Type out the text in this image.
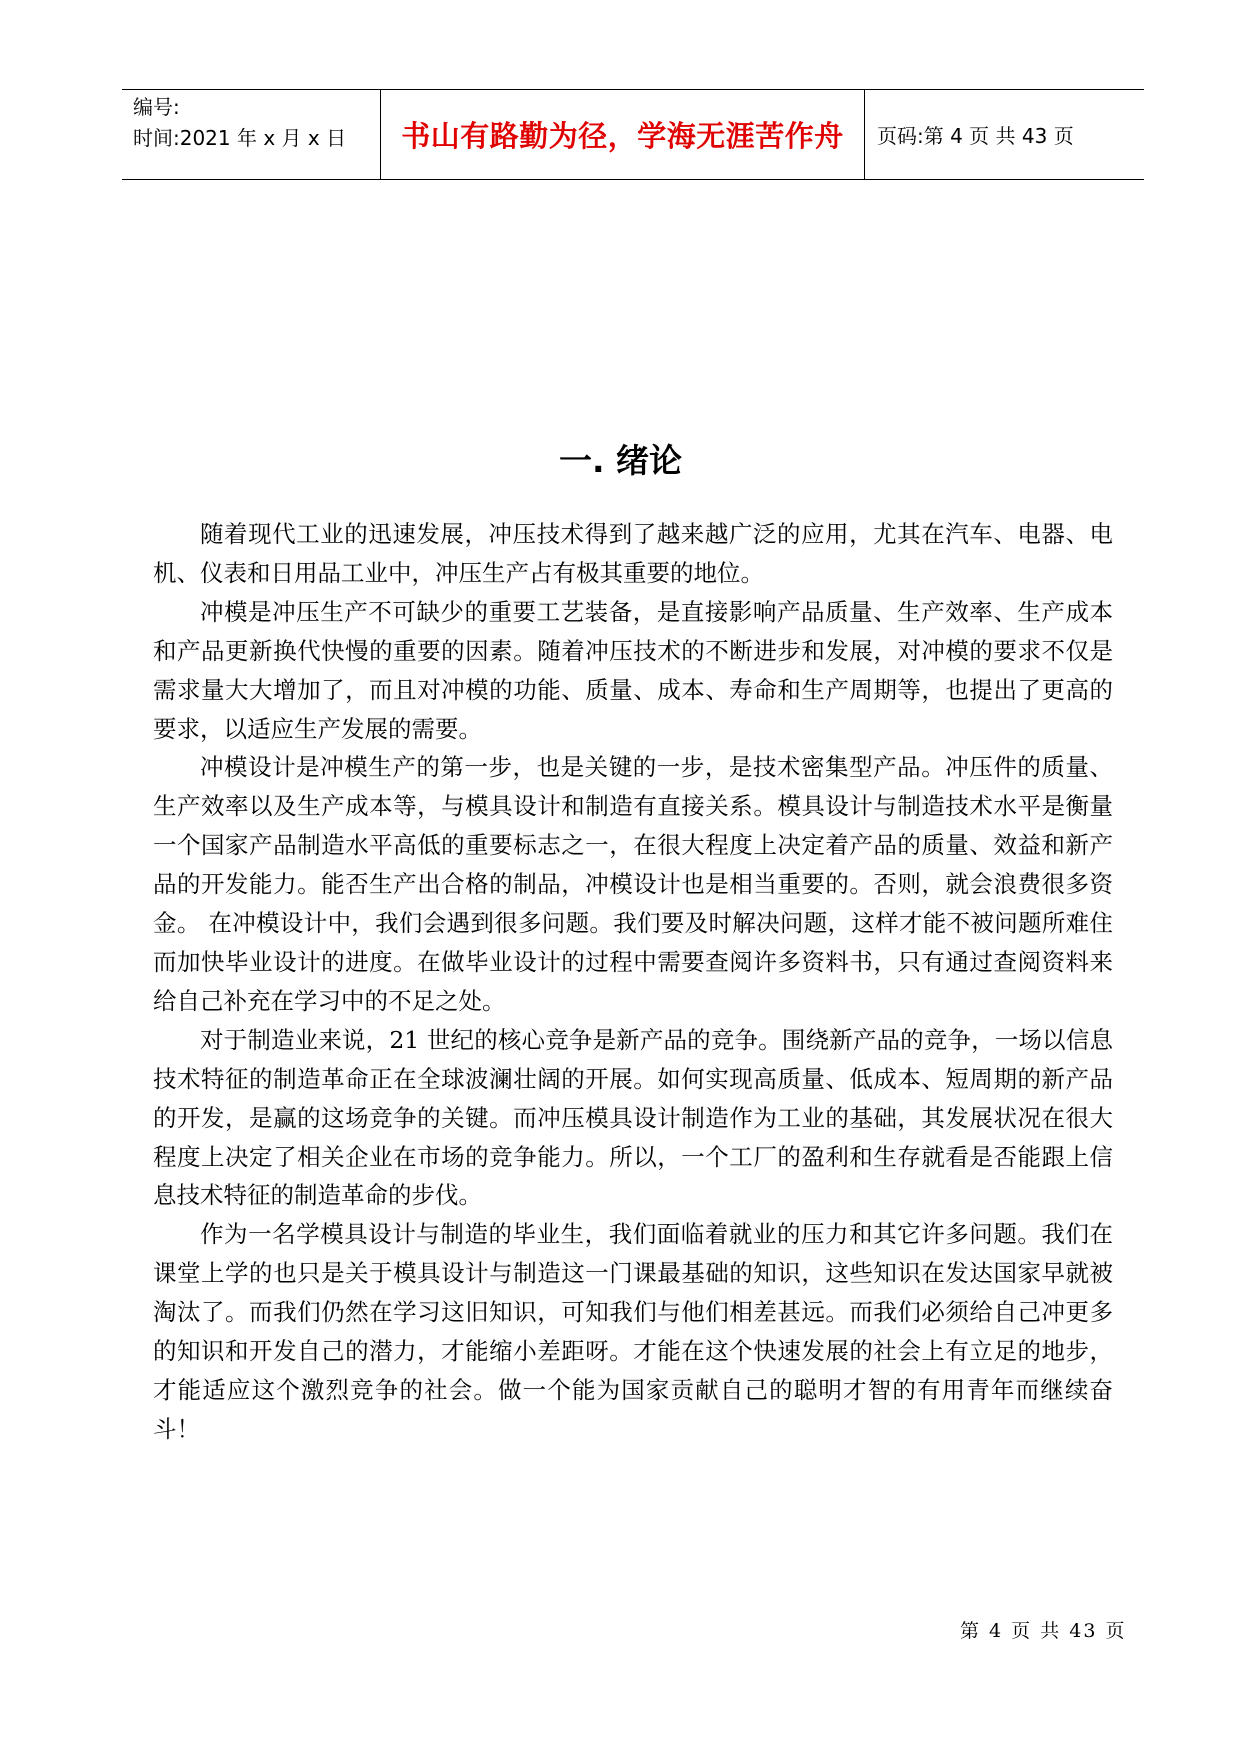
编号:
时间:2021 年 x 月 x 日	书山有路勤为径，学海无涯苦作舟	页码:第 4 页 共 43 页
一. 绪论

随着现代工业的迅速发展，冲压技术得到了越来越广泛的应用，尤其在汽车、电器、电机、仪表和日用品工业中，冲压生产占有极其重要的地位。

冲模是冲压生产不可缺少的重要工艺装备，是直接影响产品质量、生产效率、生产成本和产品更新换代快慢的重要的因素。随着冲压技术的不断进步和发展，对冲模的要求不仅是需求量大大增加了，而且对冲模的功能、质量、成本、寿命和生产周期等，也提出了更高的要求，以适应生产发展的需要。

冲模设计是冲模生产的第一步，也是关键的一步，是技术密集型产品。冲压件的质量、生产效率以及生产成本等，与模具设计和制造有直接关系。模具设计与制造技术水平是衡量一个国家产品制造水平高低的重要标志之一，在很大程度上决定着产品的质量、效益和新产品的开发能力。能否生产出合格的制品，冲模设计也是相当重要的。否则，就会浪费很多资金。 在冲模设计中，我们会遇到很多问题。我们要及时解决问题，这样才能不被问题所难住而加快毕业设计的进度。在做毕业设计的过程中需要查阅许多资料书，只有通过查阅资料来给自己补充在学习中的不足之处。

对于制造业来说，21 世纪的核心竞争是新产品的竞争。围绕新产品的竞争，一场以信息技术特征的制造革命正在全球波澜壮阔的开展。如何实现高质量、低成本、短周期的新产品的开发，是赢的这场竞争的关键。而冲压模具设计制造作为工业的基础，其发展状况在很大程度上决定了相关企业在市场的竞争能力。所以，一个工厂的盈利和生存就看是否能跟上信息技术特征的制造革命的步伐。

作为一名学模具设计与制造的毕业生，我们面临着就业的压力和其它许多问题。我们在课堂上学的也只是关于模具设计与制造这一门课最基础的知识，这些知识在发达国家早就被淘汰了。而我们仍然在学习这旧知识，可知我们与他们相差甚远。而我们必须给自己冲更多的知识和开发自己的潜力，才能缩小差距呀。才能在这个快速发展的社会上有立足的地步，才能适应这个激烈竞争的社会。做一个能为国家贡献自己的聪明才智的有用青年而继续奋斗！

第 4 页 共 43 页
